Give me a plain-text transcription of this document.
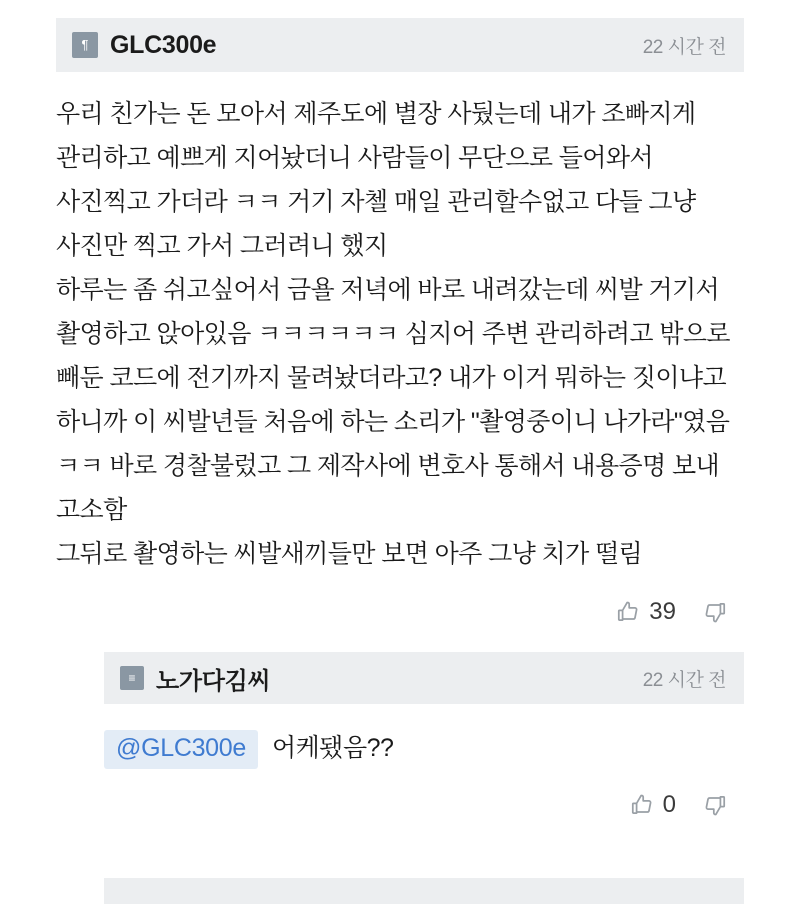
¶ GLC300e	22 시간 전

우리 친가는 돈 모아서 제주도에 별장 사뒀는데 내가 조빠지게 관리하고 예쁘게 지어놨더니 사람들이 무단으로 들어와서 사진찍고 가더라 ㅋㅋ 거기 자첼 매일 관리할수없고 다들 그냥 사진만 찍고 가서 그러려니 했지

하루는 좀 쉬고싶어서 금욜 저녁에 바로 내려갔는데 씨발 거기서 촬영하고 앉아있음 ㅋㅋㅋㅋㅋㅋ 심지어 주변 관리하려고 밖으로 빼둔 코드에 전기까지 물려놨더라고? 내가 이거 뭐하는 짓이냐고 하니까 이 씨발년들 처음에 하는 소리가 "촬영중이니 나가라"였음 ㅋㅋ 바로 경찰불렀고 그 제작사에 변호사 통해서 내용증명 보내 고소함

그뒤로 촬영하는 씨발새끼들만 보면 아주 그냥 치가 떨림

39
≡ 노가다김씨	22 시간 전
@GLC300e	어케됐음??
0
